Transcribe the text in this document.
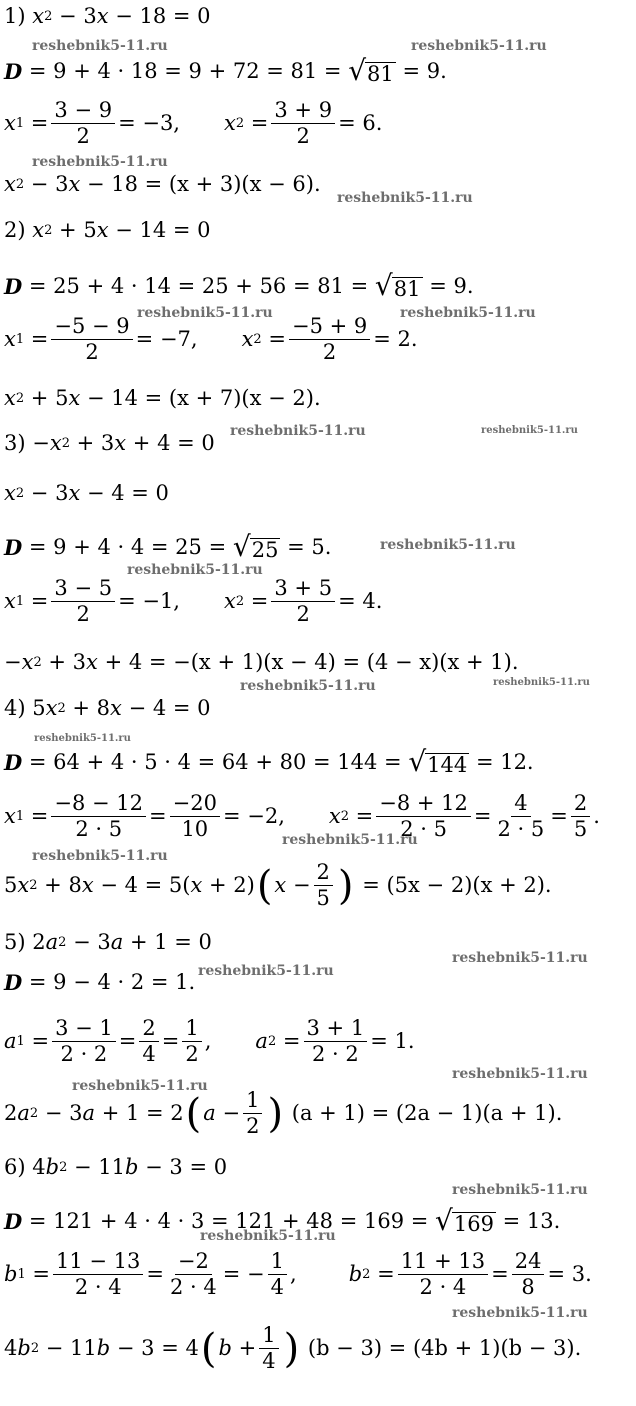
1)
x 2 − 3 x − 18 = 0
D = 9 + 4 · 18 = 9 + 72 = 81 =
√ 81
= 9.
x $1 = \frac{3 - 9}{2} = -3$, x $2 = \frac{3 + 9}{2} = 6$.
x 2 − 3 x − 18 = (x + 3)(x − 6).
2)
x 2 + 5 x − 14 = 0
D = 25 + 4 · 14 = 25 + 56 = 81 =
√ 81
= 9.
x $1 = \frac{-5 - 9}{2} = -7$, x $2 = \frac{-5 + 9}{2} = 2$.
x 2 + 5 x − 14 = (x + 7)(x − 2).
3) − x 2 + 3 x + 4 = 0
x 2 − 3 x − 4 = 0
D = 9 + 4 · 4 = 25 =
√ 25
= 5.
x $1 = \frac{3 - 5}{2} = -1$, x $2 = \frac{3 + 5}{2} = 4$.
− x 2 + 3 x + 4 = −(x + 1)(x − 4) = (4 − x)(x + 1).
4) 5 x 2 + 8 x − 4 = 0
D = 64 + 4 · 5 · 4 = 64 + 80 = 144 =
√ 144
= 12.
x $1 = \frac{-8 - 12}{2 \cdot 5} = \frac{-20}{10} = -2$, x $2 = \frac{-8 + 12}{2 \cdot 5} = \frac{4}{2 \cdot 5} = \frac{2}{5}$ .
5 x 2 + 8 x − 4 = 5( x + 2) ( $x - \frac{2}{5}$ )
= (5x − 2)(x + 2).
5) 2 a 2 − 3 a + 1 = 0
D = 9 − 4 · 2 = 1.
a $1 = \frac{3 - 1}{2 \cdot 2} = \frac{2}{4} = \frac{1}{2}$ , a $2 = \frac{3 + 1}{2 \cdot 2} = 1$.
2 a 2 − 3 a + 1 = 2 ( $a - \frac{1}{2}$ )
(a + 1) = (2a − 1)(a + 1).
6) 4 b 2 − 11 b − 3 = 0
D = 121 + 4 · 4 · 3 = 121 + 48 = 169 =
√ 169
= 13.
b $1 = \frac{11 - 13}{2 \cdot 4} = \frac{-2}{2 \cdot 4}$ = − $\frac{1}{4}$ , b $2 = \frac{11 + 13}{2 \cdot 4} = \frac{24}{8} = 3$.
4 b 2 − 11 b − 3 = 4 ( $b + \frac{1}{4}$ )
(b − 3) = (4b + 1)(b − 3).
reshebnik5-11.ru	reshebnik5-11.ru
reshebnik5-11.ru
reshebnik5-11.ru
reshebnik5-11.ru	reshebnik5-11.ru
reshebnik5-11.ru	reshebnik5-11.ru
reshebnik5-11.ru
reshebnik5-11.ru
reshebnik5-11.ru	reshebnik5-11.ru
reshebnik5-11.ru
reshebnik5-11.ru
reshebnik5-11.ru
reshebnik5-11.ru
reshebnik5-11.ru
reshebnik5-11.ru
reshebnik5-11.ru
reshebnik5-11.ru
reshebnik5-11.ru
reshebnik5-11.ru
